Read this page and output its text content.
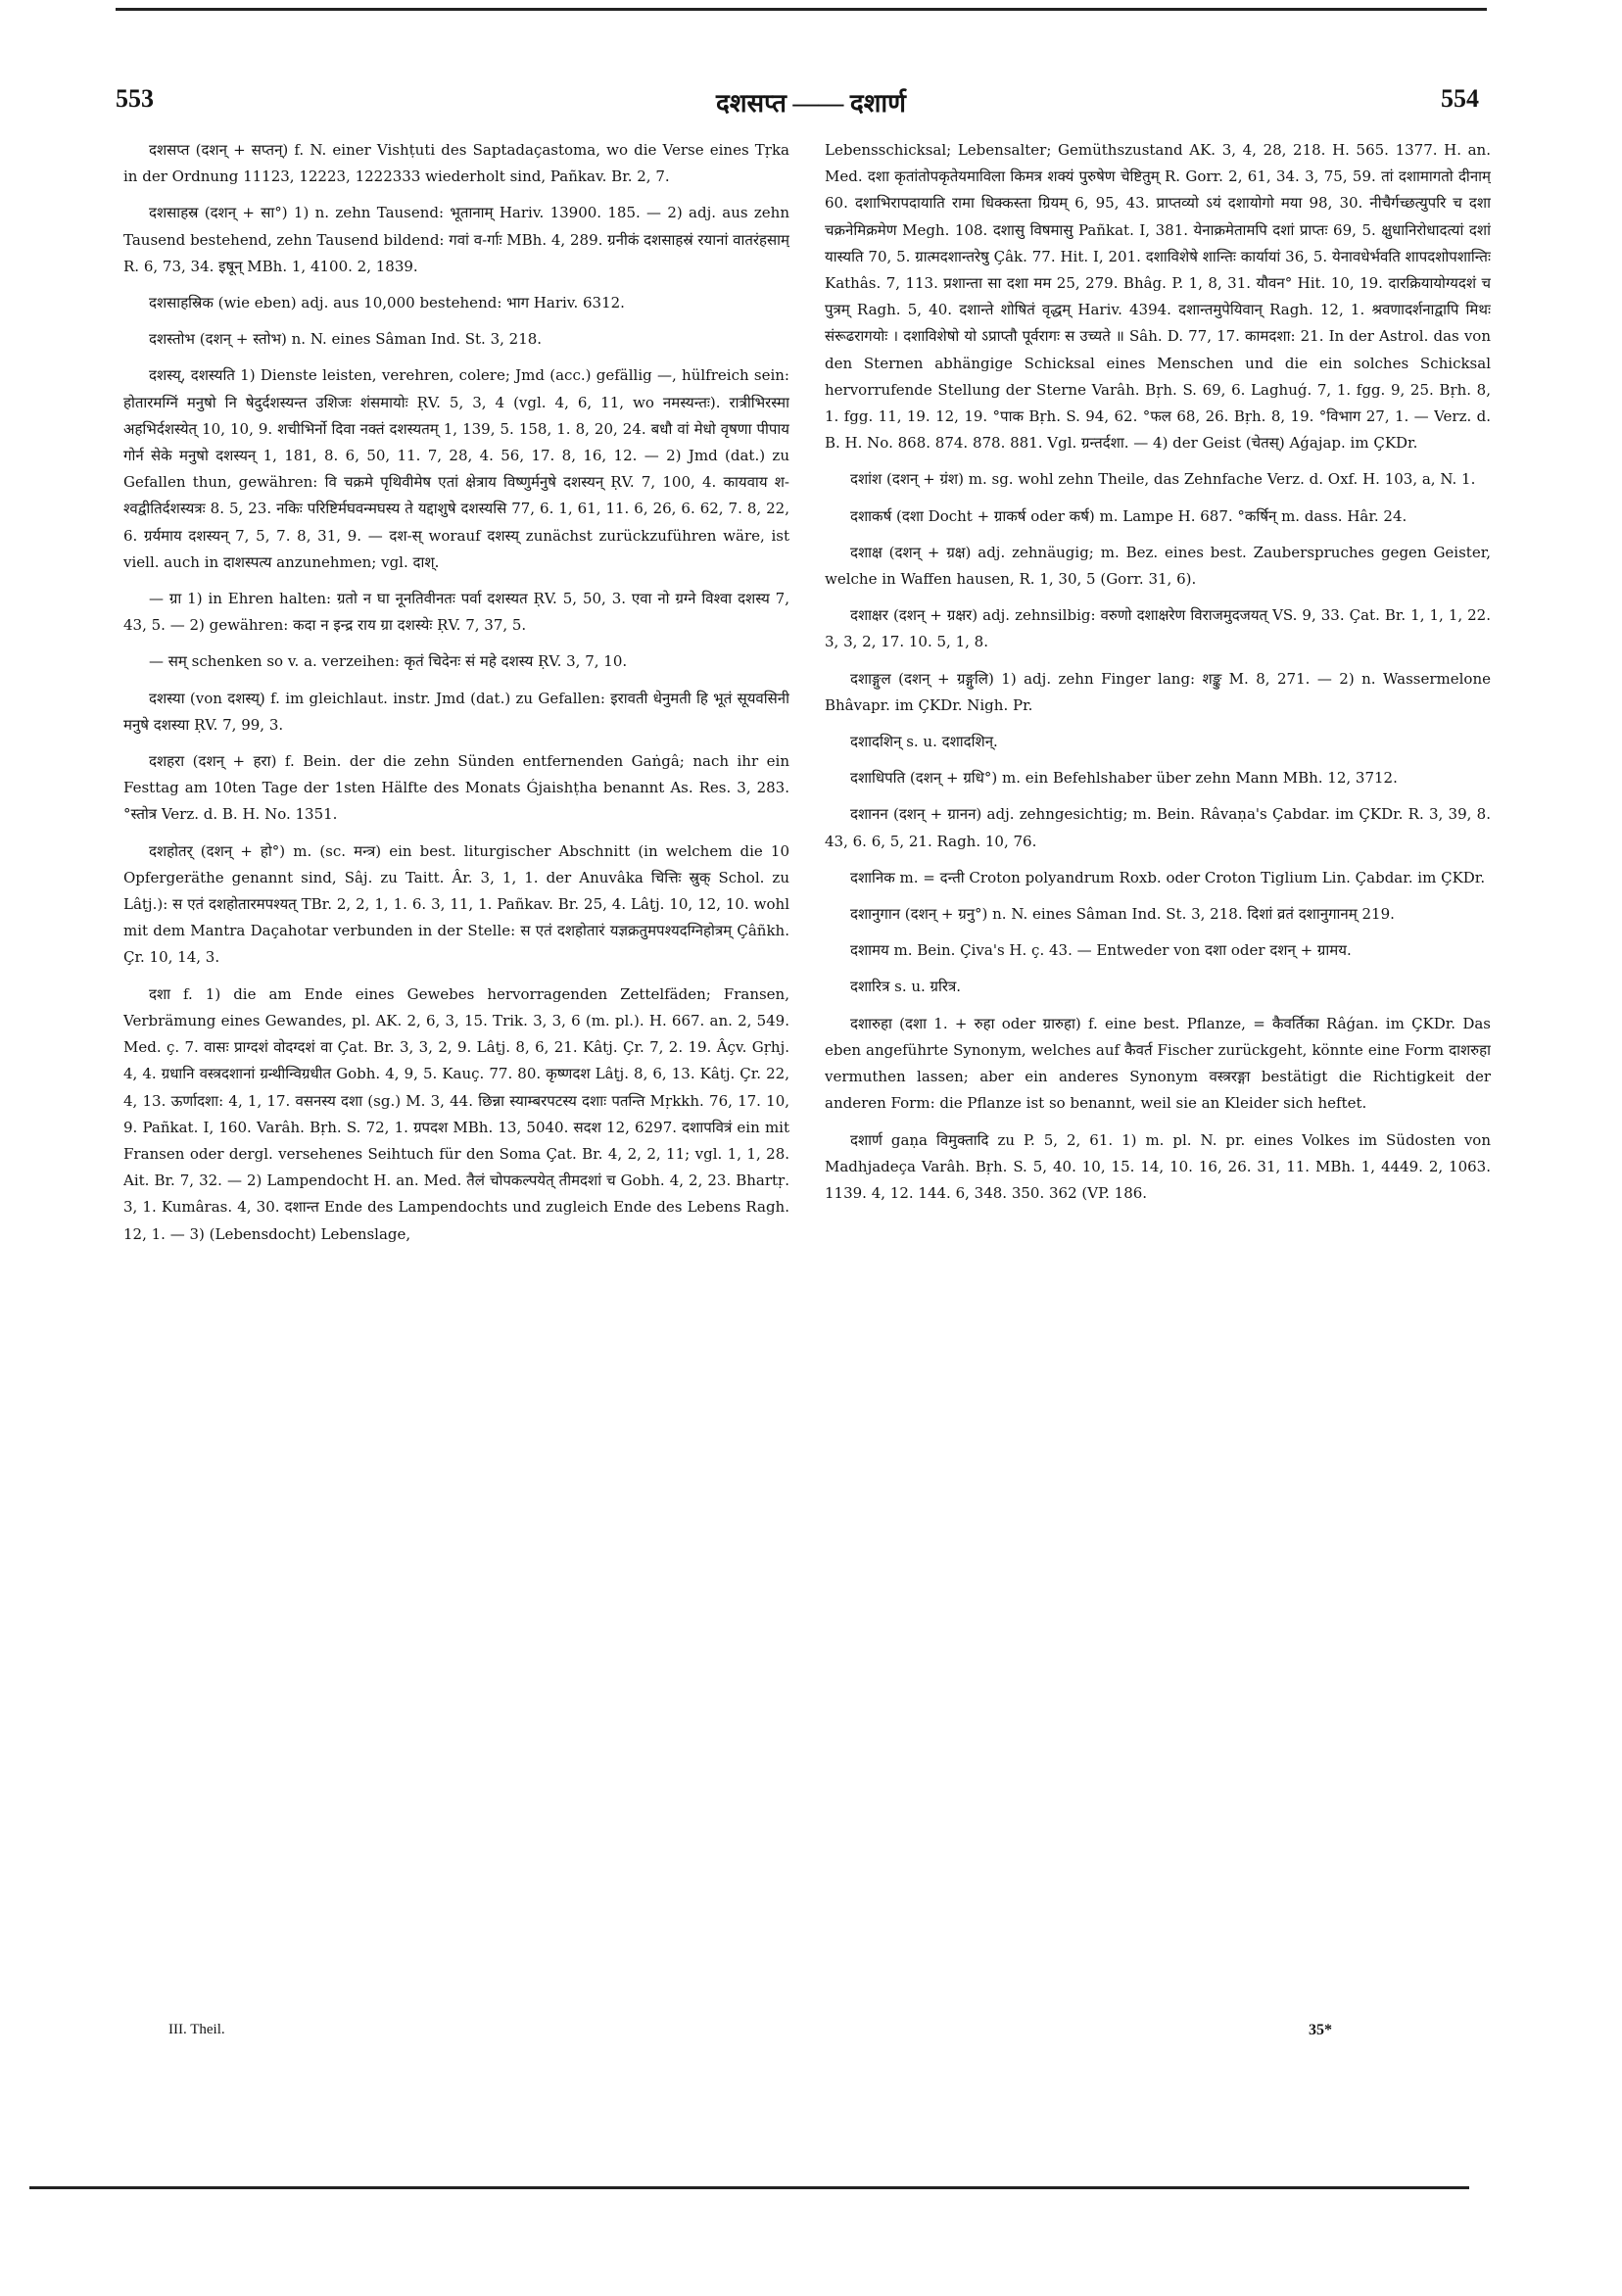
553	दशसप्त —— दशार्ण	554

दशसप्त (दशन् + सप्तन्) f. N. einer Vishṭuti des Saptadaçastoma, wo die Verse eines Tṛka in der Ordnung 11123, 12223, 1222333 wiederholt sind, Pañkav. Br. 2, 7.

दशसाहस्र (दशन् + सा°) 1) n. zehn Tausend: भूतानाम् Hariv. 13900. 185. — 2) adj. aus zehn Tausend bestehend, zehn Tausend bildend: गवां व-र्गाः MBh. 4, 289. ग्रनीकं दशसाहस्रं रयानां वातरंहसाम् R. 6, 73, 34. इषून् MBh. 1, 4100. 2, 1839.

दशसाहस्रिक (wie eben) adj. aus 10,000 bestehend: भाग Hariv. 6312.

दशस्तोभ (दशन् + स्तोभ) n. N. eines Sâman Ind. St. 3, 218.

दशस्य्, दशस्यति 1) Dienste leisten, verehren, colere; Jmd (acc.) gefällig —, hülfreich sein: होतारमग्निं मनुषो नि षेदुर्दशस्यन्त उशिजः शंसमायोः ṚV. 5, 3, 4 (vgl. 4, 6, 11, wo नमस्यन्तः). रात्रीभिरस्मा अहभिर्दशस्येत् 10, 10, 9. शचीभिर्नो दिवा नक्तं दशस्यतम् 1, 139, 5. 158, 1. 8, 20, 24. बधौ वां मेधो वृषणा पीपाय गोर्न सेके मनुषो दशस्यन् 1, 181, 8. 6, 50, 11. 7, 28, 4. 56, 17. 8, 16, 12. — 2) Jmd (dat.) zu Gefallen thun, gewähren: वि चक्रमे पृथिवीमेष एतां क्षेत्राय विष्णुर्मनुषे दशस्यन् ṚV. 7, 100, 4. कायवाय श-श्वद्वीतिर्दशस्यत्रः 8. 5, 23. नकिः परिष्टिर्मघवन्मघस्य ते यद्दाशुषे दशस्यसि 77, 6. 1, 61, 11. 6, 26, 6. 62, 7. 8, 22, 6. ग्रर्यमाय दशस्यन् 7, 5, 7. 8, 31, 9. — दश-स् worauf दशस्य् zunächst zurückzuführen wäre, ist viell. auch in दाशस्पत्य anzunehmen; vgl. दाश्.

— ग्रा 1) in Ehren halten: ग्रतो न घा नूनतिवीनतः पर्वा दशस्यत ṚV. 5, 50, 3. एवा नो ग्रग्ने विश्वा दशस्य 7, 43, 5. — 2) gewähren: कदा न इन्द्र राय ग्रा दशस्येः ṚV. 7, 37, 5.

— सम् schenken so v. a. verzeihen: कृतं चिदेनः सं महे दशस्य ṚV. 3, 7, 10.

दशस्या (von दशस्य्) f. im gleichlaut. instr. Jmd (dat.) zu Gefallen: इरावती धेनुमती हि भूतं सूयवसिनी मनुषे दशस्या ṚV. 7, 99, 3.

दशहरा (दशन् + हरा) f. Bein. der die zehn Sünden entfernenden Gaṅgâ; nach ihr ein Festtag am 10ten Tage der 1sten Hälfte des Monats Ǵjaishṭha benannt As. Res. 3, 283. °स्तोत्र Verz. d. B. H. No. 1351.

दशहोतर् (दशन् + हो°) m. (sc. मन्त्र) ein best. liturgischer Abschnitt (in welchem die 10 Opfergeräthe genannt sind, Sâj. zu Taitt. Âr. 3, 1, 1. der Anuvâka चित्तिः स्रुक् Schol. zu Lâṭj.): स एतं दशहोतारमपश्यत् TBr. 2, 2, 1, 1. 6. 3, 11, 1. Pañkav. Br. 25, 4. Lâṭj. 10, 12, 10. wohl mit dem Mantra Daçahotar verbunden in der Stelle: स एतं दशहोतारं यज्ञक्रतुमपश्यदग्निहोत्रम् Çâñkh. Çr. 10, 14, 3.

दशा f. 1) die am Ende eines Gewebes hervorragenden Zettelfäden; Fransen, Verbrämung eines Gewandes, pl. AK. 2, 6, 3, 15. Trik. 3, 3, 6 (m. pl.). H. 667. an. 2, 549. Med. ç. 7. वासः प्राग्दशं वोदग्दशं वा Çat. Br. 3, 3, 2, 9. Lâṭj. 8, 6, 21. Kâtj. Çr. 7, 2. 19. Âçv. Gṛhj. 4, 4. ग्रधानि वस्त्रदशानां ग्रन्थीन्विग्रधीत Gobh. 4, 9, 5. Kauç. 77. 80. कृष्णदश Lâṭj. 8, 6, 13. Kâtj. Çr. 22, 4, 13. ऊर्णादशा: 4, 1, 17. वसनस्य दशा (sg.) M. 3, 44. छिन्ना स्याम्बरपटस्य दशाः पतन्ति Mṛkkh. 76, 17. 10, 9. Pañkat. I, 160. Varâh. Bṛh. S. 72, 1. ग्रपदश MBh. 13, 5040. सदश 12, 6297. दशापवित्रं ein mit Fransen oder dergl. versehenes Seihtuch für den Soma Çat. Br. 4, 2, 2, 11; vgl. 1, 1, 28. Ait. Br. 7, 32. — 2) Lampendocht H. an. Med. तैलं चोपकल्पयेत् तीमदशां च Gobh. 4, 2, 23. Bhartṛ. 3, 1. Kumâras. 4, 30. दशान्त Ende des Lampendochts und zugleich Ende des Lebens Ragh. 12, 1. — 3) (Lebensdocht) Lebenslage,

Lebensschicksal; Lebensalter; Gemüthszustand AK. 3, 4, 28, 218. H. 565. 1377. H. an. Med. दशा कृतांतोपकृतेयमाविला किमत्र शक्यं पुरुषेण चेष्टितुम् R. Gorr. 2, 61, 34. 3, 75, 59. तां दशामागतो दीनाम् 60. दशाभिरापदायाति रामा धिक्कस्ता ग्रियम् 6, 95, 43. प्राप्तव्यो ऽयं दशायोगो मया 98, 30. नीचैर्गच्छत्युपरि च दशा चक्रनेमिक्रमेण Megh. 108. दशासु विषमासु Pañkat. I, 381. येनाक्रमेतामपि दशां प्राप्तः 69, 5. क्षुधानिरोधादत्यां दशां यास्यति 70, 5. ग्रात्मदशान्तरेषु Çâk. 77. Hit. I, 201. दशाविशेषे शान्तिः कार्यायां 36, 5. येनावधेर्भवति शापदशोपशान्तिः Kathâs. 7, 113. प्रशान्ता सा दशा मम 25, 279. Bhâg. P. 1, 8, 31. यौवन° Hit. 10, 19. दारक्रियायोग्यदशं च पुत्रम् Ragh. 5, 40. दशान्ते शोषितं वृद्धम् Hariv. 4394. दशान्तमुपेयिवान् Ragh. 12, 1. श्रवणादर्शनाद्वापि मिथः संरूढरागयोः । दशाविशेषो यो ऽप्राप्तौ पूर्वरागः स उच्यते ॥ Sâh. D. 77, 17. कामदशा: 21. In der Astrol. das von den Sternen abhängige Schicksal eines Menschen und die ein solches Schicksal hervorrufende Stellung der Sterne Varâh. Bṛh. S. 69, 6. Laghuǵ. 7, 1. fgg. 9, 25. Bṛh. 8, 1. fgg. 11, 19. 12, 19. °पाक Bṛh. S. 94, 62. °फल 68, 26. Bṛh. 8, 19. °विभाग 27, 1. — Verz. d. B. H. No. 868. 874. 878. 881. Vgl. ग्रन्तर्दशा. — 4) der Geist (चेतस्) Aǵajap. im ÇKDr.

दशांश (दशन् + ग्रंश) m. sg. wohl zehn Theile, das Zehnfache Verz. d. Oxf. H. 103, a, N. 1.

दशाकर्ष (दशा Docht + ग्राकर्ष oder कर्ष) m. Lampe H. 687. °कर्षिन् m. dass. Hâr. 24.

दशाक्ष (दशन् + ग्रक्ष) adj. zehnäugig; m. Bez. eines best. Zauberspruches gegen Geister, welche in Waffen hausen, R. 1, 30, 5 (Gorr. 31, 6).

दशाक्षर (दशन् + ग्रक्षर) adj. zehnsilbig: वरुणो दशाक्षरेण विराजमुदजयत् VS. 9, 33. Çat. Br. 1, 1, 1, 22. 3, 3, 2, 17. 10. 5, 1, 8.

दशाङ्गुल (दशन् + ग्रङ्गुलि) 1) adj. zehn Finger lang: शङ्कु M. 8, 271. — 2) n. Wassermelone Bhâvapr. im ÇKDr. Nigh. Pr.

दशादशिन् s. u. दशादशिन्.

दशाधिपति (दशन् + ग्रधि°) m. ein Befehlshaber über zehn Mann MBh. 12, 3712.

दशानन (दशन् + ग्रानन) adj. zehngesichtig; m. Bein. Râvaṇa's Çabdar. im ÇKDr. R. 3, 39, 8. 43, 6. 6, 5, 21. Ragh. 10, 76.

दशानिक m. = दन्ती Croton polyandrum Roxb. oder Croton Tiglium Lin. Çabdar. im ÇKDr.

दशानुगान (दशन् + ग्रनु°) n. N. eines Sâman Ind. St. 3, 218. दिशां व्रतं दशानुगानम् 219.

दशामय m. Bein. Çiva's H. ç. 43. — Entweder von दशा oder दशन् + ग्रामय.

दशारित्र s. u. ग्ररित्र.

दशारुहा (दशा 1. + रुहा oder ग्रारुहा) f. eine best. Pflanze, = कैवर्तिका Râǵan. im ÇKDr. Das eben angeführte Synonym, welches auf कैवर्त Fischer zurückgeht, könnte eine Form दाशरुहा vermuthen lassen; aber ein anderes Synonym वस्त्ररङ्गा bestätigt die Richtigkeit der anderen Form: die Pflanze ist so benannt, weil sie an Kleider sich heftet.

दशार्ण gaṇa विमुक्तादि zu P. 5, 2, 61. 1) m. pl. N. pr. eines Volkes im Südosten von Madhjadeça Varâh. Bṛh. S. 5, 40. 10, 15. 14, 10. 16, 26. 31, 11. MBh. 1, 4449. 2, 1063. 1139. 4, 12. 144. 6, 348. 350. 362 (VP. 186.

III. Theil.	35*
